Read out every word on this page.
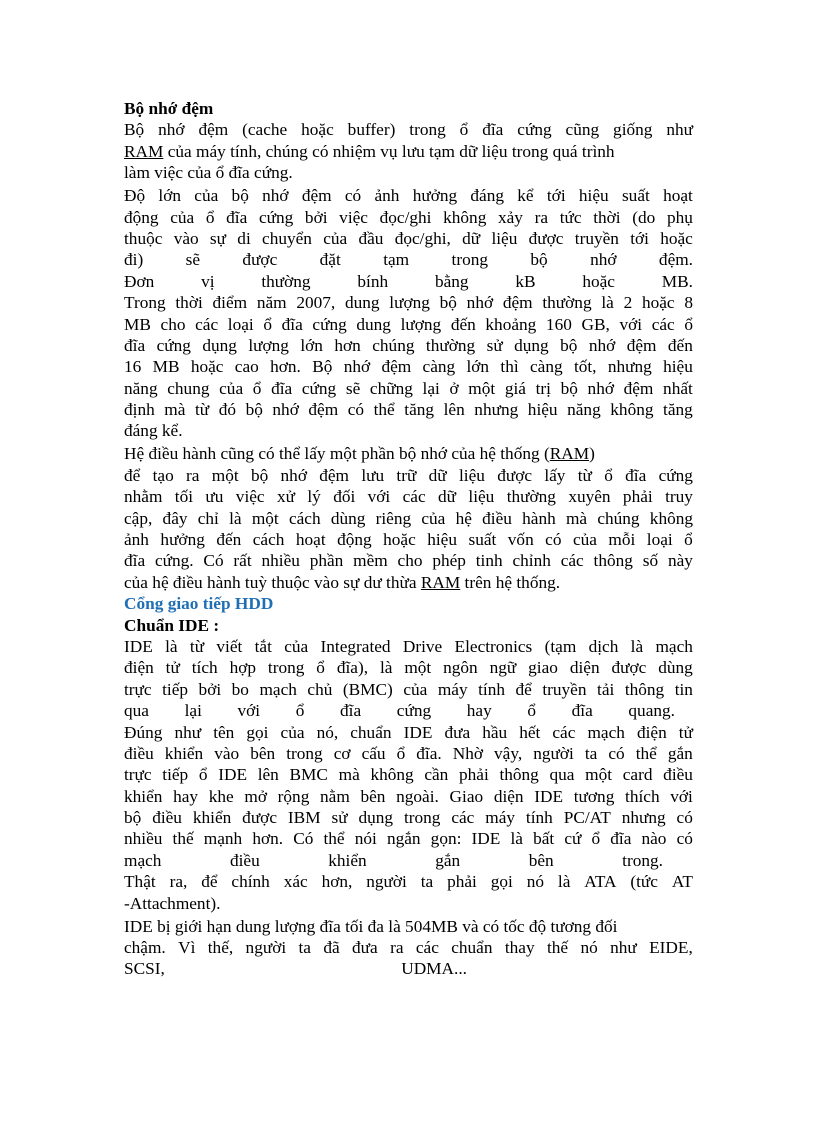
Bộ nhớ đệm
Bộ nhớ đệm (cache hoặc buffer) trong ổ đĩa cứng cũng giống như
RAM của máy tính, chúng có nhiệm vụ lưu tạm dữ liệu trong quá trình
làm việc của ổ đĩa cứng.
Độ lớn của bộ nhớ đệm có ảnh hưởng đáng kể tới hiệu suất hoạt
động của ổ đĩa cứng bởi việc đọc/ghi không xảy ra tức thời (do phụ
thuộc vào sự di chuyển của đầu đọc/ghi, dữ liệu được truyền tới hoặc
đi) sẽ được đặt tạm trong bộ nhớ đệm.
Đơn	vị	thường	bính	bằng	kB	hoặc	MB.
Trong thời điểm năm 2007, dung lượng bộ nhớ đệm thường là 2 hoặc 8
MB cho các loại ổ đĩa cứng dung lượng đến khoảng 160 GB, với các ổ
đĩa cứng dụng lượng lớn hơn chúng thường sử dụng bộ nhớ đệm đến
16 MB hoặc cao hơn. Bộ nhớ đệm càng lớn thì càng tốt, nhưng hiệu
năng chung của ổ đĩa cứng sẽ chững lại ở một giá trị bộ nhớ đệm nhất
định mà từ đó bộ nhớ đệm có thể tăng lên nhưng hiệu năng không tăng
đáng kể.
Hệ điều hành cũng có thể lấy một phần bộ nhớ của hệ thống (RAM)
để tạo ra một bộ nhớ đệm lưu trữ dữ liệu được lấy từ ổ đĩa cứng
nhằm tối ưu việc xử lý đối với các dữ liệu thường xuyên phải truy
cập, đây chỉ là một cách dùng riêng của hệ điều hành mà chúng không
ảnh hưởng đến cách hoạt động hoặc hiệu suất vốn có của mỗi loại ổ
đĩa cứng. Có rất nhiều phần mềm cho phép tinh chỉnh các thông số này
của hệ điều hành tuỳ thuộc vào sự dư thừa RAM trên hệ thống.
Cổng giao tiếp HDD
Chuẩn IDE :
IDE là từ viết tắt của Integrated Drive Electronics (tạm dịch là mạch
điện tử tích hợp trong ổ đĩa), là một ngôn ngữ giao diện được dùng
trực tiếp bởi bo mạch chủ (BMC) của máy tính để truyền tải thông tin
qua lại với ổ đĩa cứng hay ổ đĩa quang.
Đúng như tên gọi của nó, chuẩn IDE đưa hầu hết các mạch điện tử
điều khiển vào bên trong cơ cấu ổ đĩa. Nhờ vậy, người ta có thể gắn
trực tiếp ổ IDE lên BMC mà không cần phải thông qua một card điều
khiển hay khe mở rộng nằm bên ngoài. Giao diện IDE tương thích với
bộ điều khiển được IBM sử dụng trong các máy tính PC/AT nhưng có
nhiều thế mạnh hơn. Có thể nói ngắn gọn: IDE là bất cứ ổ đĩa nào có
mạch	điều	khiển	gắn	bên	trong.
Thật ra, để chính xác hơn, người ta phải gọi nó là ATA (tức AT
-Attachment).
IDE bị giới hạn dung lượng đĩa tối đa là 504MB và có tốc độ tương đối
chậm. Vì thế, người ta đã đưa ra các chuẩn thay thế nó như EIDE,
SCSI,	UDMA...
